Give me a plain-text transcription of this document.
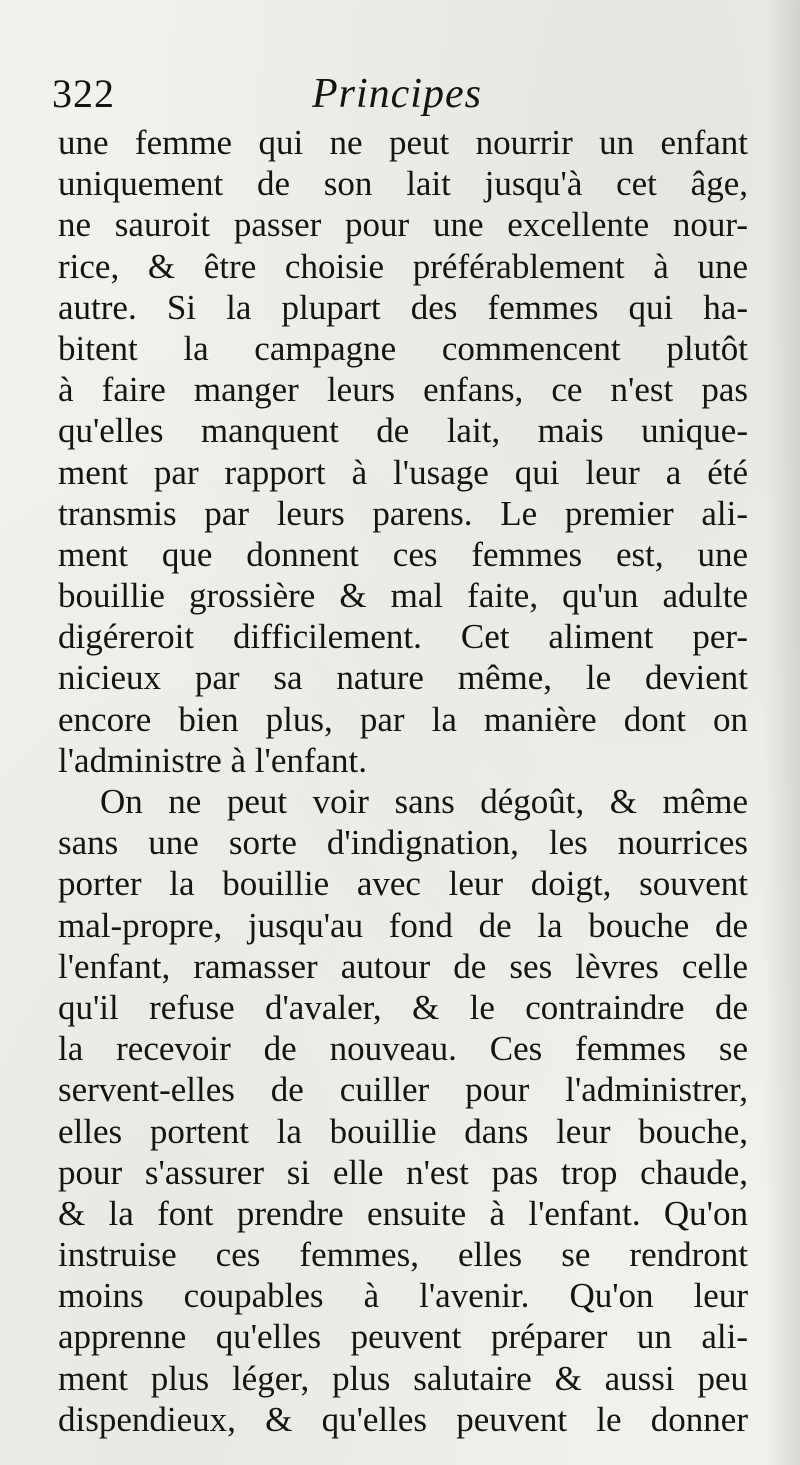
322	Principes
une femme qui ne peut nourrir un enfant
uniquement de son lait jusqu'à cet âge,
ne sauroit passer pour une excellente nour-
rice, & être choisie préférablement à une
autre. Si la plupart des femmes qui ha-
bitent la campagne commencent plutôt
à faire manger leurs enfans, ce n'est pas
qu'elles manquent de lait, mais unique-
ment par rapport à l'usage qui leur a été
transmis par leurs parens. Le premier ali-
ment que donnent ces femmes est, une
bouillie grossière & mal faite, qu'un adulte
digéreroit difficilement. Cet aliment per-
nicieux par sa nature même, le devient
encore bien plus, par la manière dont on
l'administre à l'enfant.
On ne peut voir sans dégoût, & même
sans une sorte d'indignation, les nourrices
porter la bouillie avec leur doigt, souvent
mal-propre, jusqu'au fond de la bouche de
l'enfant, ramasser autour de ses lèvres celle
qu'il refuse d'avaler, & le contraindre de
la recevoir de nouveau. Ces femmes se
servent-elles de cuiller pour l'administrer,
elles portent la bouillie dans leur bouche,
pour s'assurer si elle n'est pas trop chaude,
& la font prendre ensuite à l'enfant. Qu'on
instruise ces femmes, elles se rendront
moins coupables à l'avenir. Qu'on leur
apprenne qu'elles peuvent préparer un ali-
ment plus léger, plus salutaire & aussi peu
dispendieux, & qu'elles peuvent le donner
